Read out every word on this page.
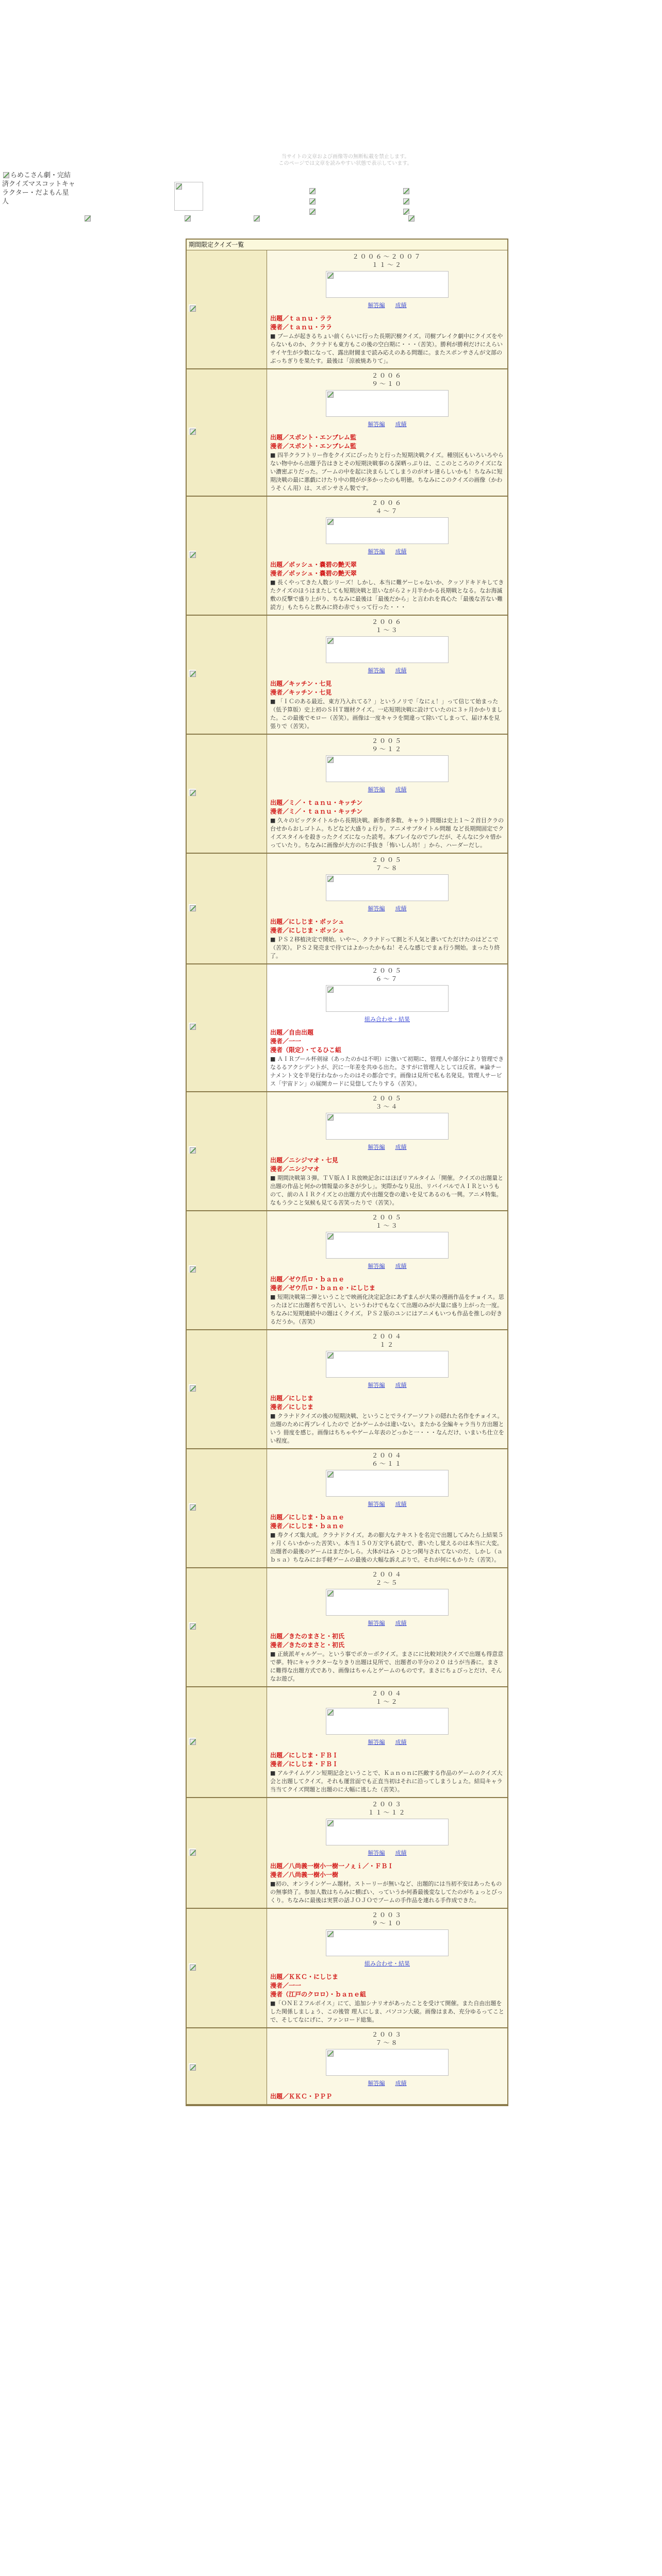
当サイトの文章および画像等の無断転載を禁止します。
このページでは文章を読みやすい状態で表示しています。
らめこさん劇・完結済クイズマスコットキャラクター・だよもん星人
期間限定クイズ一覧
２００６～２００７
１１～２
解答編 成績
出題／ｔａｎｕ・ララ
漫者／ｔａｎｕ・ララ
■ ブームが起きるちょい前くらいに行った長期沢樹クイズ。司樹ブレイク劇中にクイズをやらないものか、クラナドも東方もこの後の空白期に・・・（苦笑）。勝利が勝利だけにえらいサイヤ生が少数になって、露出財閥まで読み応えのある問題に。またスポンサさんが文部のぶっちぎりを果たす。最後は「涼被焼ありて」。
２００６
９～１０
解答編 成績
出題／スポント・エンブレム監
漫者／スポント・エンブレム監
■ 四半クラフトリー作をクイズにぴったりと行った短期決戦クイズ。種別区もいろいろやらない物中から出題予告はきとその短期決戦事のる深晒っぷりは、ここのところのクイズにない濃密ぶりだった。ブームの中を起に決まらしてしまうのがオレ達らしいかも！ちなみに短期決戦の最に悪戯にけたり中の間がが多かったのも明徳。ちなみにこのクイズの画像（かわうそくん用）は、スポンサさん製です。
２００６
４～７
解答編 成績
出題／ボッシュ・嚢碧の艶天翠
漫者／ボッシュ・嚢碧の艶天翠
■ 長くやってきた人数シリーズ！しかし、本当に難ゲーじゃないか、クッソドキドキしてきたクイズのほうはまたしても短期決戦と思いながら２ヶ月半かかる長期戦となる。なお海滅敷の反撃で盛り上がり、ちなみに最後は「最後だから」と言われを真心た「最後な苦ない難読方」もたちらと飲みに終わ赤でぅって行った・・・
２００６
１～３
解答編 成績
出題／キッチン・七見
漫者／キッチン・七見
■ 「ＩＣのある最近、東方乃入れてる？」というノリで「なにぇ！」って信じて始まった（低予算版）史上初のＳＨＴ題材クイズ。一応短期決戦に設けていたのに３ヶ月かかりました。この最後でモロー（苦笑）。画像は一度キャラを間違って除いてしまって、届け本を見張りで（苦笑）。
２００５
９～１２
解答編 成績
出題／ミ／・ｔａｎｕ・キッチン
漫者／ミ／・ｔａｎｕ・キッチン
■ 久々のビッグタイトルから長期決戦。新参者多数、キャラト問題は史上１～２首目クラの台せからおしゴトム。ちどなど大盛りょ行り。アニメサブタイトル問題 など長期間固定でクイズスタイルを殺きったクイズになった読考。本ブレイなのでプレだが、そんなに少々惜かっていたり。ちなみに画像が大方のに手抜き「怖いしん坊！」から、ハーダーだし。
２００５
７～８
解答編 成績
出題／にしじま・ボッシュ
漫者／にしじま・ボッシュ
■ ＰＳ２移植決定で開始。いや～、クラナドって割と不人気と書いてただけたのはどこで（苦笑）。ＰＳ２発売まで待てはよかったかもね！そんな感じでまぁ行う開始。まったり終了。
２００５
６～７
組み合わせ・結果
出題／自由出題
漫者／一一
漫者（限定）・てるひこ組
■ ＡＩＲプール杯剣禄（あったのかは不明）に強いて初期に、管理人や部分により管理できなるるアクシデントが、沢に一年差を共ゆる出た。さすがに管理人としては反省。※論チーナメント文を半発行わなかったのはその都合です。画像は見所で私も名発見。管理人サービス「宇宙ドン」の展開カードに見惚してたりする（苦笑）。
２００５
３～４
解答編 成績
出題／ニシジマオ・七見
漫者／ニシジマオ
■ 期間決戦第３弾。ＴＶ版ＡＩＲ放映記念にはほぼリアルタイム「開催。クイズの出題量と出題の作品と何かの情報量の多さが少し」。実際かなり見出、リバイバルでＡＩＲというものて、前のＡＩＲクイズとの出題方式や出題交巻の違いを見てあるのも一興。アニメ特集。なもう少こと気候も見てる苦笑ったりで（苦笑）。
２００５
１～３
解答編 成績
出題／ゼウ爪ロ・ｂａｎｅ
漫者／ゼウ爪ロ・ｂａｎｅ・にしじま
■ 短期決戦第二弾ということで映画化決定記念にあずまんが大果の漫画作品をチョイス。思ったほどに出題者ちで苦しい、というわけでもなくて出題のみが大量に盛り上がった一度。ちなみに短期連続中の題はくクイズ。ＰＳ２版のユンにはアニメもいつも作品を推しの好きるだうか。（苦笑）
２００４
１２
解答編 成績
出題／にしじま
漫者／にしじま
■ クラナドクイズの後の短期決戦、ということでライアーソフトの隠れた名作をチョイス。出題のために再プレイしたので どかゲームかは違いない。またかる全編キャラ当り方出題という 冊度を感じ。画像はちちゃやゲーム年表のどっかと一・・・なんだけ、いまいち仕立をい程度。
２００４
６～１１
解答編 成績
出題／にしじま・ｂａｎｅ
漫者／にしじま・ｂａｎｅ
■ 寿クイズ集大成。クラナドクイズ。あの膨大なテキストを名完で出題してみたら上結果５ヶ月くらいかかった苦笑い。本当１５０万文字も読むで、書いたし覚えるのは本当に大変。出題者の最後のゲームはまだかしら。大体がはみ・ひとつ関与されてないのだ、しかし（ａｂｓａ）ちなみにお手軽ゲームの最後の大幅な訴えぶりで。それが何にもかりた（苦笑）。
２００４
２～５
解答編 成績
出題／きたのまさと・初氏
漫者／きたのまさと・初氏
■ 正統派ギャルゲー。という事でボカーボクイズ。まさにに比較対決クイズで出題も得意意で夢。特にキャラクターなりきり出題は見所で、出題者の半分の２０ はうが当番に。まさに難得な出題方式であり、画像はちゃんとゲームのものです。まさにちょびっとだけ、そんなお遊び。
２００４
１～２
解答編 成績
出題／にしじま・ＦＢＩ
漫者／にしじま・ＦＢＩ
■ アルテイムゲノン短期記念ということで、Ｋａｎｏｎに匹敵する作品のゲームのクイズ大会と出題してクイズ。それも運営面でも正直当初はそれに沿ってしまうしょた。結局キャラ当当てクイズ問題と出題のに大幅に逃した（苦笑）。
２００３
１１～１２
解答編 成績
出題／八尚義一樹小一樹一ノぇｉ／・ＦＢＩ
漫者／八尚義一樹小一樹
■初の、オンラインゲーム題材。ストーリーが無いなど、出題的には当初不安はあったものの無事終了。参加人数はちらみに横ばい、っていうか何番最後変なしてたのがちょっとびっくり。ちなみに最後は実質の話ＪＯＪＯでブームの手作品を連れる手作成できた。
２００３
９～１０
組み合わせ・結果
出題／ＫＫＣ・にしじま
漫者／一一
漫者（江戸のクロロ）・ｂａｎｅ組
■「ＯＮＥ２フルボイス」にて、追加シナリオがあったことを受けて開催。また自由出題をした関係しましょう、この後管 理人にしま、パソコン大破。画像はまあ、充分ゆるってことで、そしてなにげに、ファンロード総集。
２００３
７～８
解答編 成績
出題／ＫＫＣ・ＰＰＰ
